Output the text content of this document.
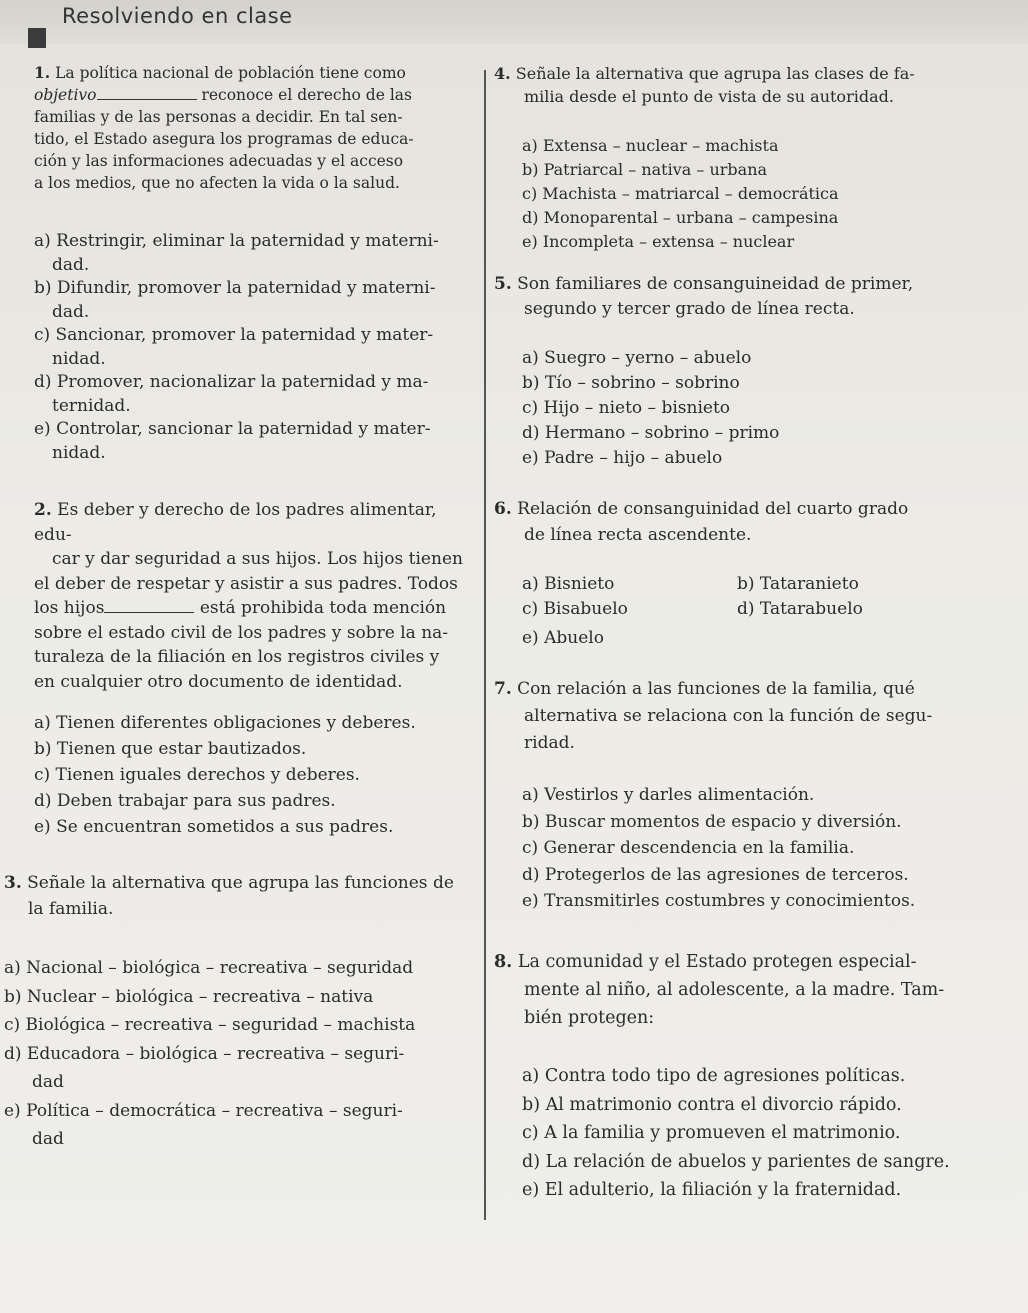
Resolviendo en clase
1. La política nacional de población tiene como
objetivo	reconoce el derecho de las
familias y de las personas a decidir. En tal sen-
tido, el Estado asegura los programas de educa-
ción y las informaciones adecuadas y el acceso
a los medios, que no afecten la vida o la salud.
a) Restringir, eliminar la paternidad y materni-
dad.
b) Difundir, promover la paternidad y materni-
dad.
c) Sancionar, promover la paternidad y mater-
nidad.
d) Promover, nacionalizar la paternidad y ma-
ternidad.
e) Controlar, sancionar la paternidad y mater-
nidad.
2. Es deber y derecho de los padres alimentar, edu-
car y dar seguridad a sus hijos. Los hijos tienen
el deber de respetar y asistir a sus padres. Todos
los hijos	está prohibida toda mención
sobre el estado civil de los padres y sobre la na-
turaleza de la filiación en los registros civiles y
en cualquier otro documento de identidad.
a) Tienen diferentes obligaciones y deberes.
b) Tienen que estar bautizados.
c) Tienen iguales derechos y deberes.
d) Deben trabajar para sus padres.
e) Se encuentran sometidos a sus padres.
3. Señale la alternativa que agrupa las funciones de
la familia.
a) Nacional – biológica – recreativa – seguridad
b) Nuclear – biológica – recreativa – nativa
c) Biológica – recreativa – seguridad – machista
d) Educadora – biológica – recreativa – seguri-
dad
e) Política – democrática – recreativa – seguri-
dad
4. Señale la alternativa que agrupa las clases de fa-
milia desde el punto de vista de su autoridad.
a) Extensa – nuclear – machista
b) Patriarcal – nativa – urbana
c) Machista – matriarcal – democrática
d) Monoparental – urbana – campesina
e) Incompleta – extensa – nuclear
5. Son familiares de consanguineidad de primer,
segundo y tercer grado de línea recta.
a) Suegro – yerno – abuelo
b) Tío – sobrino – sobrino
c) Hijo – nieto – bisnieto
d) Hermano – sobrino – primo
e) Padre – hijo – abuelo
6. Relación de consanguinidad del cuarto grado
de línea recta ascendente.
a) Bisnieto	b) Tataranieto
c) Bisabuelo	d) Tatarabuelo
e) Abuelo
7. Con relación a las funciones de la familia, qué
alternativa se relaciona con la función de segu-
ridad.
a) Vestirlos y darles alimentación.
b) Buscar momentos de espacio y diversión.
c) Generar descendencia en la familia.
d) Protegerlos de las agresiones de terceros.
e) Transmitirles costumbres y conocimientos.
8. La comunidad y el Estado protegen especial-
mente al niño, al adolescente, a la madre. Tam-
bién protegen:
a) Contra todo tipo de agresiones políticas.
b) Al matrimonio contra el divorcio rápido.
c) A la familia y promueven el matrimonio.
d) La relación de abuelos y parientes de sangre.
e) El adulterio, la filiación y la fraternidad.
